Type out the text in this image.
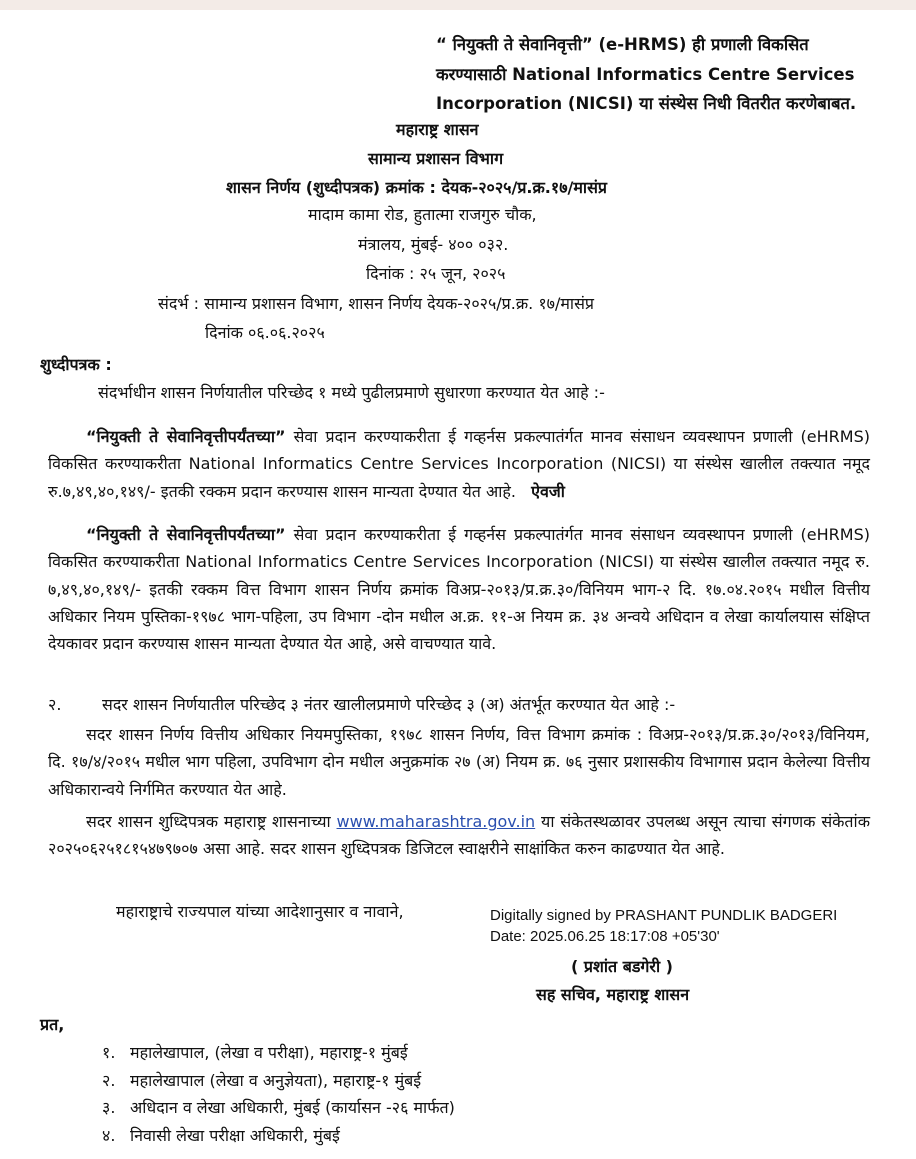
“ नियुक्ती ते सेवानिवृत्ती” (e-HRMS) ही प्रणाली विकसित
करण्यासाठी National Informatics Centre Services
Incorporation (NICSI) या संस्थेस निधी वितरीत करणेबाबत.
महाराष्ट्र शासन
सामान्य प्रशासन विभाग
शासन निर्णय (शुध्दीपत्रक) क्रमांक : देयक-२०२५/प्र.क्र.१७/मासंप्र
मादाम कामा रोड, हुतात्मा राजगुरु चौक,
मंत्रालय, मुंबई- ४०० ०३२.
दिनांक : २५ जून, २०२५
संदर्भ : सामान्य प्रशासन विभाग, शासन निर्णय देयक-२०२५/प्र.क्र. १७/मासंप्र
दिनांक ०६.०६.२०२५
शुध्दीपत्रक :
संदर्भाधीन शासन निर्णयातील परिच्छेद १ मध्ये पुढीलप्रमाणे सुधारणा करण्यात येत आहे :-

“नियुक्ती ते सेवानिवृत्तीपर्यंतच्या” सेवा प्रदान करण्याकरीता ई गव्हर्नस प्रकल्पातंर्गत मानव संसाधन व्यवस्थापन प्रणाली (eHRMS) विकसित करण्याकरीता National Informatics Centre Services Incorporation (NICSI) या संस्थेस खालील तक्त्यात नमूद रु.७,४९,४०,१४९/- इतकी रक्कम प्रदान करण्यास शासन मान्यता देण्यात येत आहे. ऐवजी

“नियुक्ती ते सेवानिवृत्तीपर्यंतच्या” सेवा प्रदान करण्याकरीता ई गव्हर्नस प्रकल्पातंर्गत मानव संसाधन व्यवस्थापन प्रणाली (eHRMS) विकसित करण्याकरीता National Informatics Centre Services Incorporation (NICSI) या संस्थेस खालील तक्त्यात नमूद रु. ७,४९,४०,१४९/- इतकी रक्कम वित्त विभाग शासन निर्णय क्रमांक विअप्र-२०१३/प्र.क्र.३०/विनियम भाग-२ दि. १७.०४.२०१५ मधील वित्तीय अधिकार नियम पुस्तिका-१९७८ भाग-पहिला, उप विभाग -दोन मधील अ.क्र. ११-अ नियम क्र. ३४ अन्वये अधिदान व लेखा कार्यालयास संक्षिप्त देयकावर प्रदान करण्यास शासन मान्यता देण्यात येत आहे, असे वाचण्यात यावे.

२.	सदर शासन निर्णयातील परिच्छेद ३ नंतर खालीलप्रमाणे परिच्छेद ३ (अ) अंतर्भूत करण्यात येत आहे :-

सदर शासन निर्णय वित्तीय अधिकार नियमपुस्तिका, १९७८ शासन निर्णय, वित्त विभाग क्रमांक : विअप्र-२०१३/प्र.क्र.३०/२०१३/विनियम, दि. १७/४/२०१५ मधील भाग पहिला, उपविभाग दोन मधील अनुक्रमांक २७ (अ) नियम क्र. ७६ नुसार प्रशासकीय विभागास प्रदान केलेल्या वित्तीय अधिकारान्वये निर्गमित करण्यात येत आहे.

सदर शासन शुध्दिपत्रक महाराष्ट्र शासनाच्या www.maharashtra.gov.in या संकेतस्थळावर उपलब्ध असून त्याचा संगणक संकेतांक २०२५०६२५१८१५४७९७०७ असा आहे. सदर शासन शुध्दिपत्रक डिजिटल स्वाक्षरीने साक्षांकित करुन काढण्यात येत आहे.

महाराष्ट्राचे राज्यपाल यांच्या आदेशानुसार व नावाने,	Digitally signed by PRASHANT PUNDLIK BADGERI
Date: 2025.06.25 18:17:08 +05'30'
( प्रशांत बडगेरी )
सह सचिव, महाराष्ट्र शासन
प्रत,
१. महालेखापाल, (लेखा व परीक्षा), महाराष्ट्र-१ मुंबई
२. महालेखापाल (लेखा व अनुज्ञेयता), महाराष्ट्र-१ मुंबई
३. अधिदान व लेखा अधिकारी, मुंबई (कार्यासन -२६ मार्फत)
४. निवासी लेखा परीक्षा अधिकारी, मुंबई
